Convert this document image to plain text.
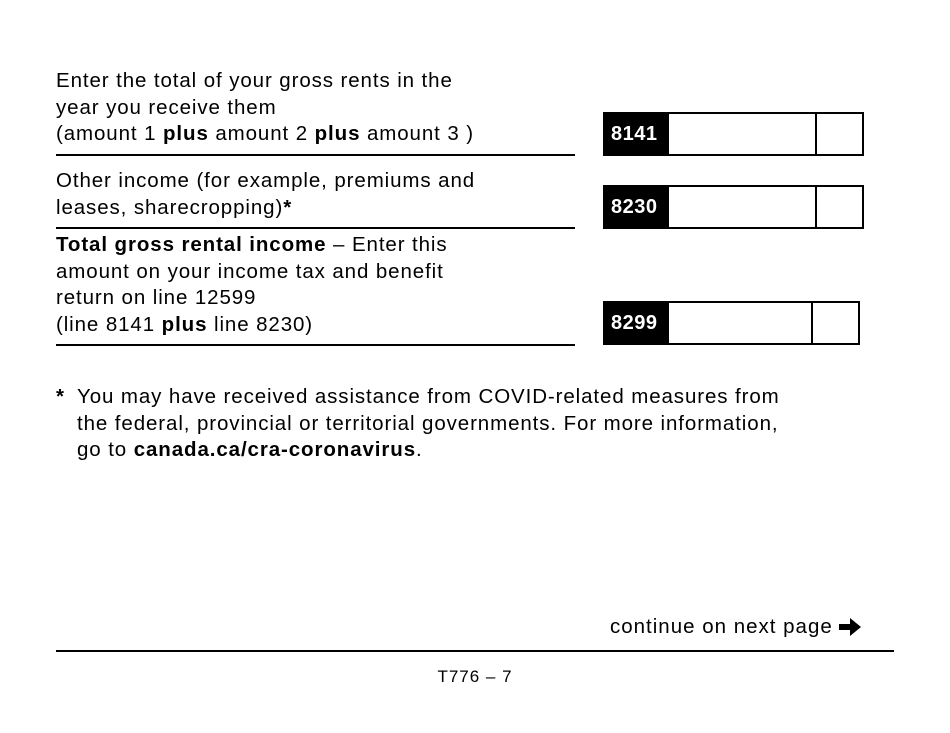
Enter the total of your gross rents in the
year you receive them
(amount 1 plus amount 2 plus amount 3 )	8141
Other income (for example, premiums and
leases, sharecropping)*	8230
Total gross rental income – Enter this
amount on your income tax and benefit
return on line 12599
(line 8141 plus line 8230)	8299
* You may have received assistance from COVID-related measures from
the federal, provincial or territorial governments. For more information,
go to canada.ca/cra-coronavirus.
continue on next page
T776 – 7
